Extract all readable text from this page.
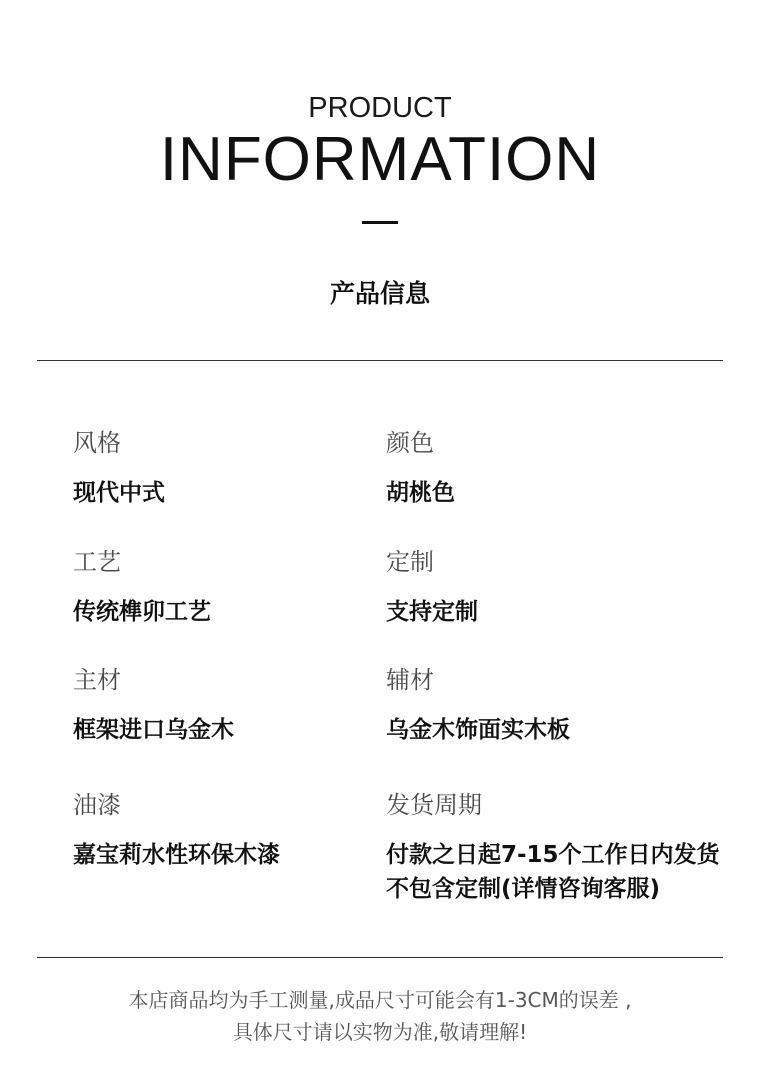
PRODUCT
INFORMATION
产品信息
风格
现代中式
颜色
胡桃色
工艺
传统榫卯工艺
定制
支持定制
主材
框架进口乌金木
辅材
乌金木饰面实木板
油漆
嘉宝莉水性环保木漆
发货周期
付款之日起7-15个工作日内发货
不包含定制(详情咨询客服)
本店商品均为手工测量,成品尺寸可能会有1-3CM的误差 ,
具体尺寸请以实物为准,敬请理解!
